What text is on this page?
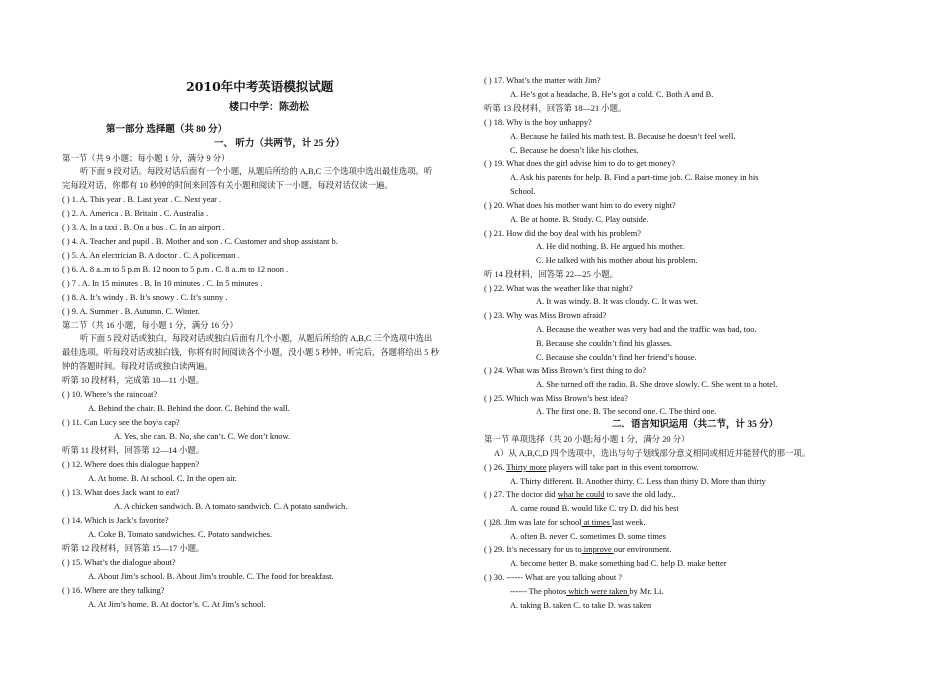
2010年中考英语模拟试题
楼口中学：陈劲松
第一部分 选择题（共 80 分）
一、 听力（共两节，计 25 分）
第一节（共 9 小题；每小题 1 分，满分 9 分）
听下面 9 段对话。每段对话后面有一个小题，从题后所给的 A,B,C 三个选项中选出最佳选项。听
完每段对话，你都有 10 秒钟的时间来回答有关小题和阅读下一小题，每段对话仅读一遍。
( ) 1. A. This year . B. Last year . C. Next year .
( ) 2. A. America . B. Britain . C. Australia .
( ) 3. A. In a taxi . B. On a bus . C. In an airport .
( ) 4. A. Teacher and pupil . B. Mother and son . C. Customer and shop assistant b.
( ) 5. A. An electrician B. A doctor . C. A policeman .
( ) 6. A. 8 a..m to 5 p.m B. 12 noon to 5 p.m . C. 8 a..m to 12 noon .
( ) 7 . A. In 15 minutes . B. In 10 minutes . C. In 5 minutes .
( ) 8. A. It’s windy . B. It’s snowy . C. It’s sunny .
( ) 9. A. Summer . B. Autumn. C. Winter.
第二节（共 16 小题，每小题 1 分，满分 16 分）
听下面 5 段对话或独白，每段对话或独白后面有几个小题，从题后所给的 A,B,C 三个选项中选出
最佳选项。听每段对话或独白钱，你将有时间阅读各个小题，没小题 5 秒钟。听完后，各题将给出 5 秒
钟的答题时间。每段对话或独白读两遍。
听第 10 段材料，完成第 10—11 小题。
( ) 10. Where’s the raincoat?
A. Behind the chair. B. Behind the door. C. Behind the wall.
( ) 11. Can Lucy see the boy\s cap?
A. Yes, she can. B. No, she can’t. C. We don’t know.
听第 11 段材料，回答第 12—14 小题。
( ) 12. Where does this dialogue happen?
A. At home. B. At school. C. In the open air.
( ) 13. What does Jack want to eat?
A. A chicken sandwich. B. A tomato sandwich. C. A potato sandwich.
( ) 14. Which is Jack’s favorite?
A. Coke B. Tomato sandwiches. C. Potato sandwiches.
听第 12 段材料，回答第 15—17 小题。
( ) 15. What’s the dialogue about?
A. About Jim’s school. B. About Jim’s trouble. C. The food for breakfast.
( ) 16. Where are they talking?
A. At Jim’s home. B. At doctor’s. C. At Jim’s school.
( ) 17. What’s the matter with Jim?
A. He’s got a headache. B. He’s got a cold. C. Both A and B.
听第 13 段材料，回答第 18—21 小题。
( ) 18. Why is the boy unhappy?
A. Because he failed his math test. B. Because he doesn’t feel well.
C. Because he doesn’t like his clothes.
( ) 19. What does the girl advise him to do to get money?
A. Ask his parents for help. B. Find a part-time job. C. Raise money in his
School.
( ) 20. What does his mother want him to do every night?
A. Be at home. B. Study. C. Play outside.
( ) 21. How did the boy deal with his problem?
A. He did nothing. B. He argued his mother.
C. He talked with his mother about his problem.
听 14 段材料，回答第 22—25 小题。
( ) 22. What was the weather like that night?
A. It was windy. B. It was cloudy. C. It was wet.
( ) 23. Why was Miss Brown afraid?
A. Because the weather was very bad and the traffic was bad, too.
B. Because she couldn’t find his glasses.
C. Because she couldn’t find her friend’s house.
( ) 24. What was Miss Brown’s first thing to do?
A. She turned off the radio. B. She drove slowly. C. She went to a hotel.
( ) 25. Which was Miss Brown’s best idea?
A. The first one. B. The second one. C. The third one.
二．语言知识运用（共二节，计 35 分）
第一节 单项选择（共 20 小题;每小题 1 分，满分 20 分）
A）从 A,B,C,D 四个选项中，选出与句子划线部分意义相同或相近并能替代的那一项。
( ) 26. Thirty more players will take part in this event tomorrow.
A. Thirty different. B. Another thirty. C. Less than thirty D. More than thirty
( ) 27. The doctor did what he could to save the old lady..
A. came round B. would like C. try D. did his best
( )28. Jim was late for school at times last week.
A. often B. never C. sometimes D. some times
( ) 29. It’s necessary for us to improve our environment.
A. become better B. make something bad C. help D. make better
( ) 30. ------ What are you talking about ?
------ The photos which were taken by Mr. Li.
A. taking B. taken C. to take D. was taken
